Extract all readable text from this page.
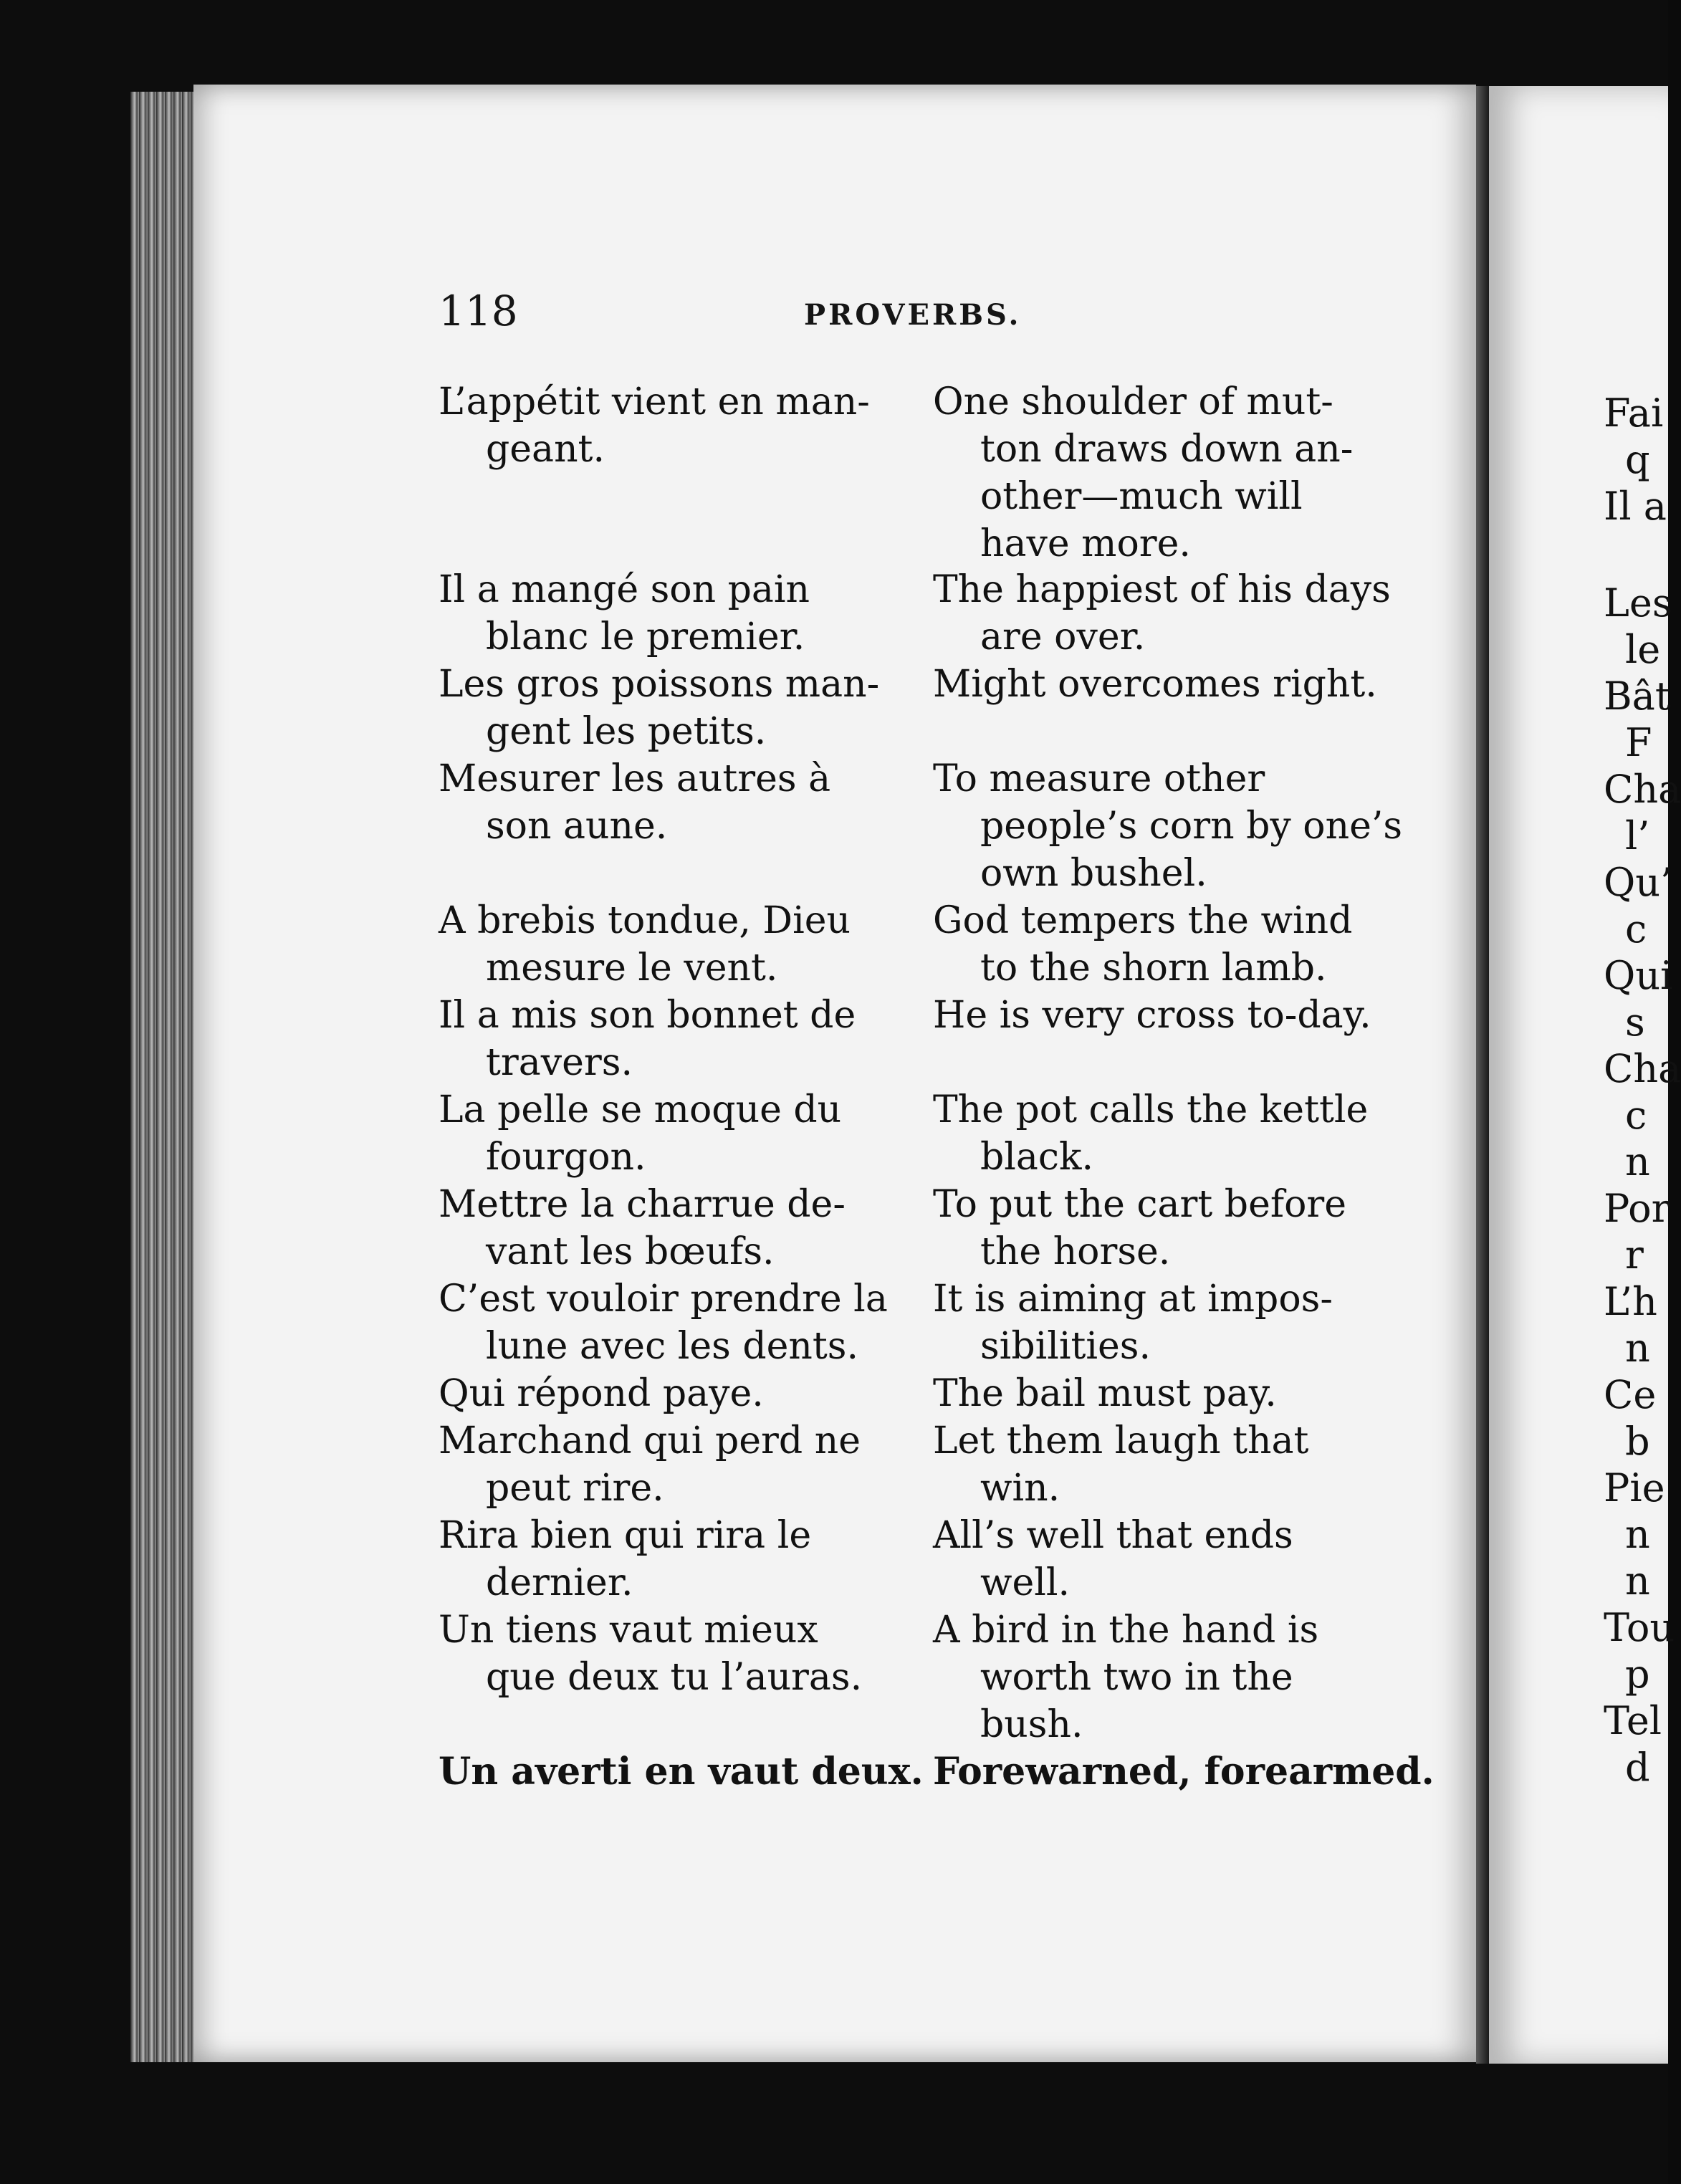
Fai
q
Il a
Les
le
Bât
F
Cha
l’
Qu’
c
Qui
s
Cha
c
n
Por
r
L’h
n
Ce
b
Pie
n
n
Tou
p
Tel
d
118	PROVERBS.
L’appétit vient en man-
geant.
One shoulder of mut-
ton draws down an-
other—much will
have more.
Il a mangé son pain
blanc le premier.
The happiest of his days
are over.
Les gros poissons man-
gent les petits.
Might overcomes right.
Mesurer les autres à
son aune.
To measure other
people’s corn by one’s
own bushel.
A brebis tondue, Dieu
mesure le vent.
God tempers the wind
to the shorn lamb.
Il a mis son bonnet de
travers.
He is very cross to-day.
La pelle se moque du
fourgon.
The pot calls the kettle
black.
Mettre la charrue de-
vant les bœufs.
To put the cart before
the horse.
C’est vouloir prendre la
lune avec les dents.
It is aiming at impos-
sibilities.
Qui répond paye.	The bail must pay.
Marchand qui perd ne
peut rire.
Let them laugh that
win.
Rira bien qui rira le
dernier.
All’s well that ends
well.
Un tiens vaut mieux
que deux tu l’auras.
A bird in the hand is
worth two in the
bush.
Un averti en vaut deux. Forewarned, forearmed.
